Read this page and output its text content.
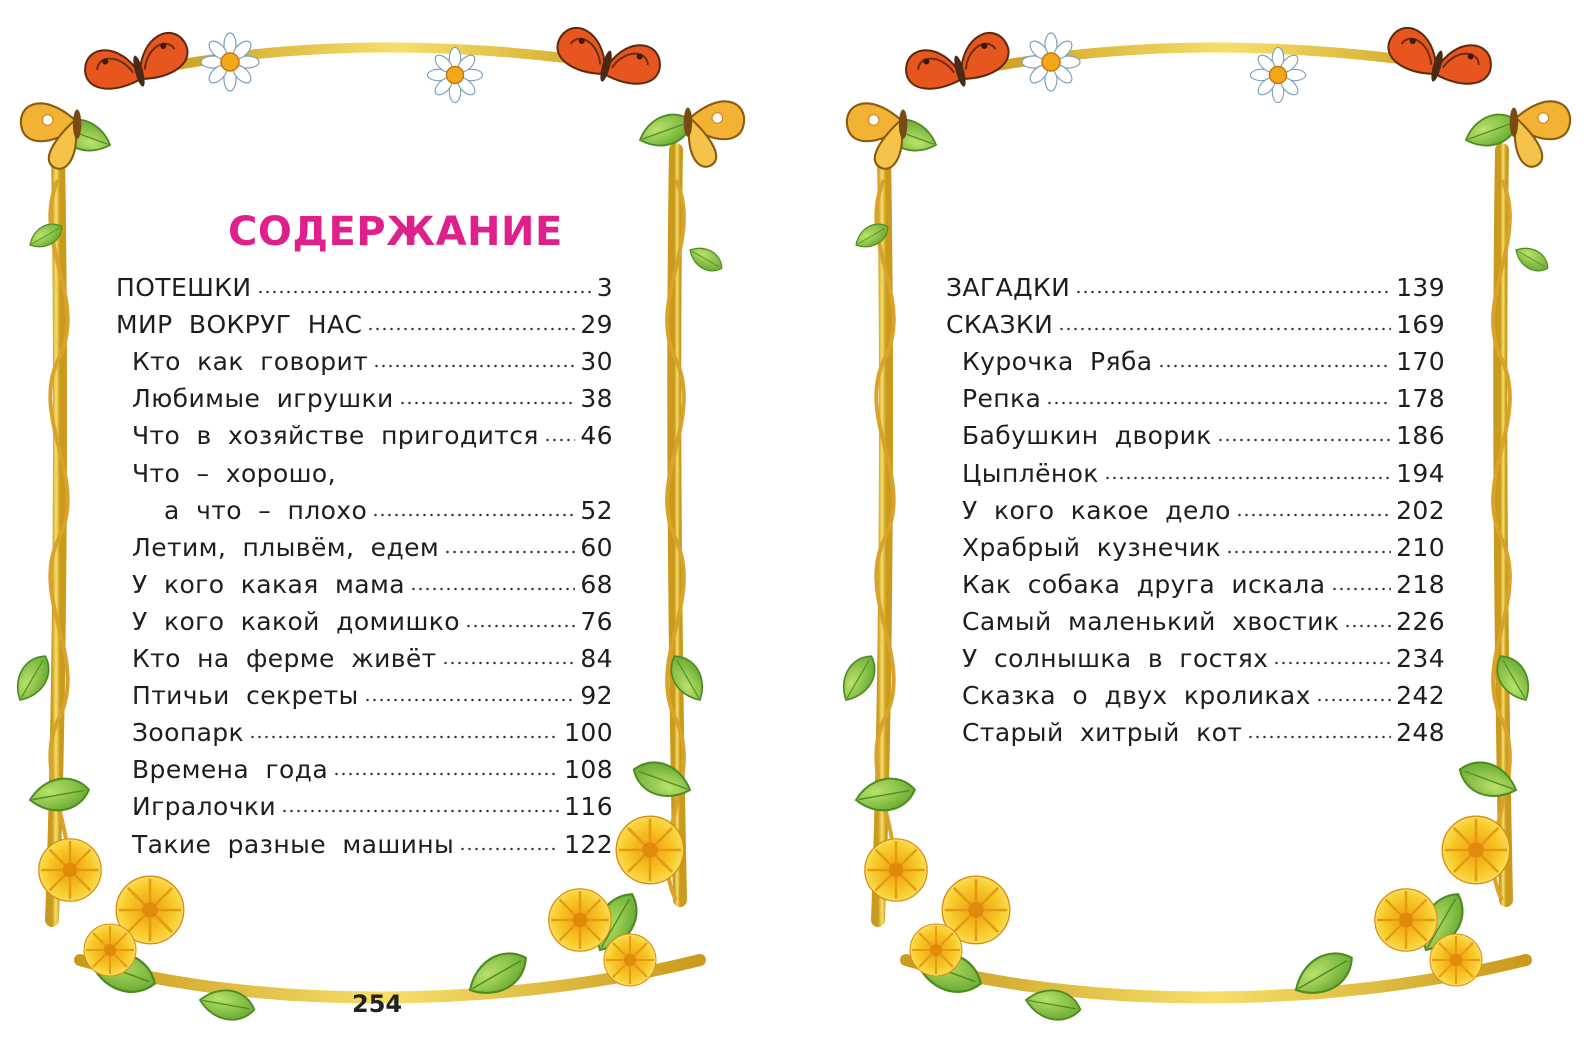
СОДЕРЖАНИЕ
ПОТЕШКИ	3
МИР ВОКРУГ НАС	29
Кто как говорит	30
Любимые игрушки	38
Что в хозяйстве пригодится 46
Что – хорошо,
а что – плохо	52
Летим, плывём, едем	60
У кого какая мама	68
У кого какой домишко	76
Кто на ферме живёт	84
Птичьи секреты	92
Зоопарк	100
Времена года	108
Игралочки	116
Такие разные машины	122
254
ЗАГАДКИ	139
СКАЗКИ	169
Курочка Ряба	170
Репка	178
Бабушкин дворик	186
Цыплёнок	194
У кого какое дело	202
Храбрый кузнечик	210
Как собака друга искала	218
Самый маленький хвостик 226
У солнышка в гостях	234
Сказка о двух кроликах	242
Старый хитрый кот	248
